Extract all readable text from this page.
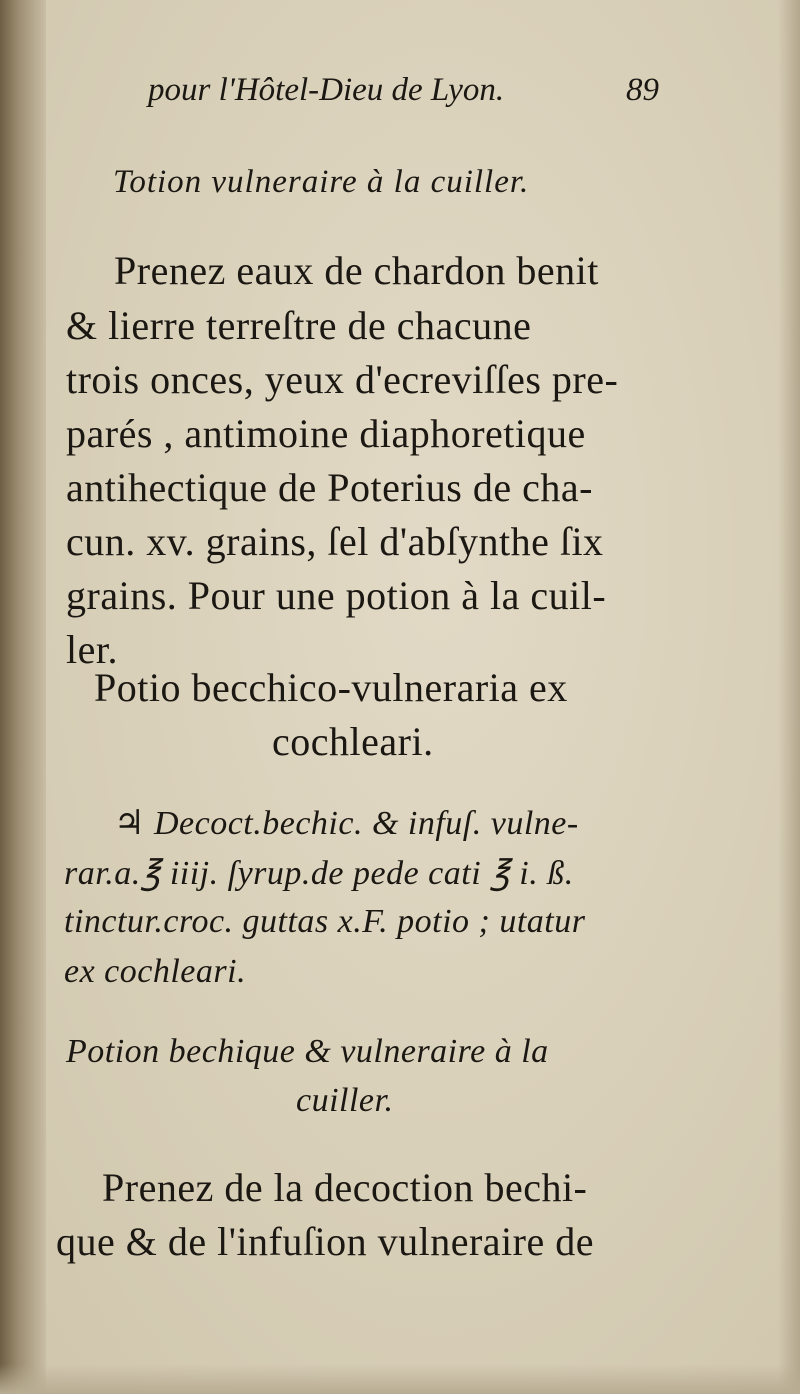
pour l'Hôtel-Dieu de Lyon.	89
Totion vulneraire à la cuiller.
Prenez eaux de chardon benit
& lierre terreſtre de chacune
trois onces, yeux d'ecreviſſes pre-
parés , antimoine diaphoretique
antihectique de Poterius de cha-
cun. xv. grains, ſel d'abſynthe ſix
grains. Pour une potion à la cuil-
ler.
Potio becchico-vulneraria ex
cochleari.
♃ Decoct.bechic. & infuſ. vulne-
rar.a.℥ iiij. ſyrup.de pede cati ℥ i. ß.
tinctur.croc. guttas x.F. potio ; utatur
ex cochleari.
Potion bechique & vulneraire à la
cuiller.
Prenez de la decoction bechi-
que & de l'infuſion vulneraire de
